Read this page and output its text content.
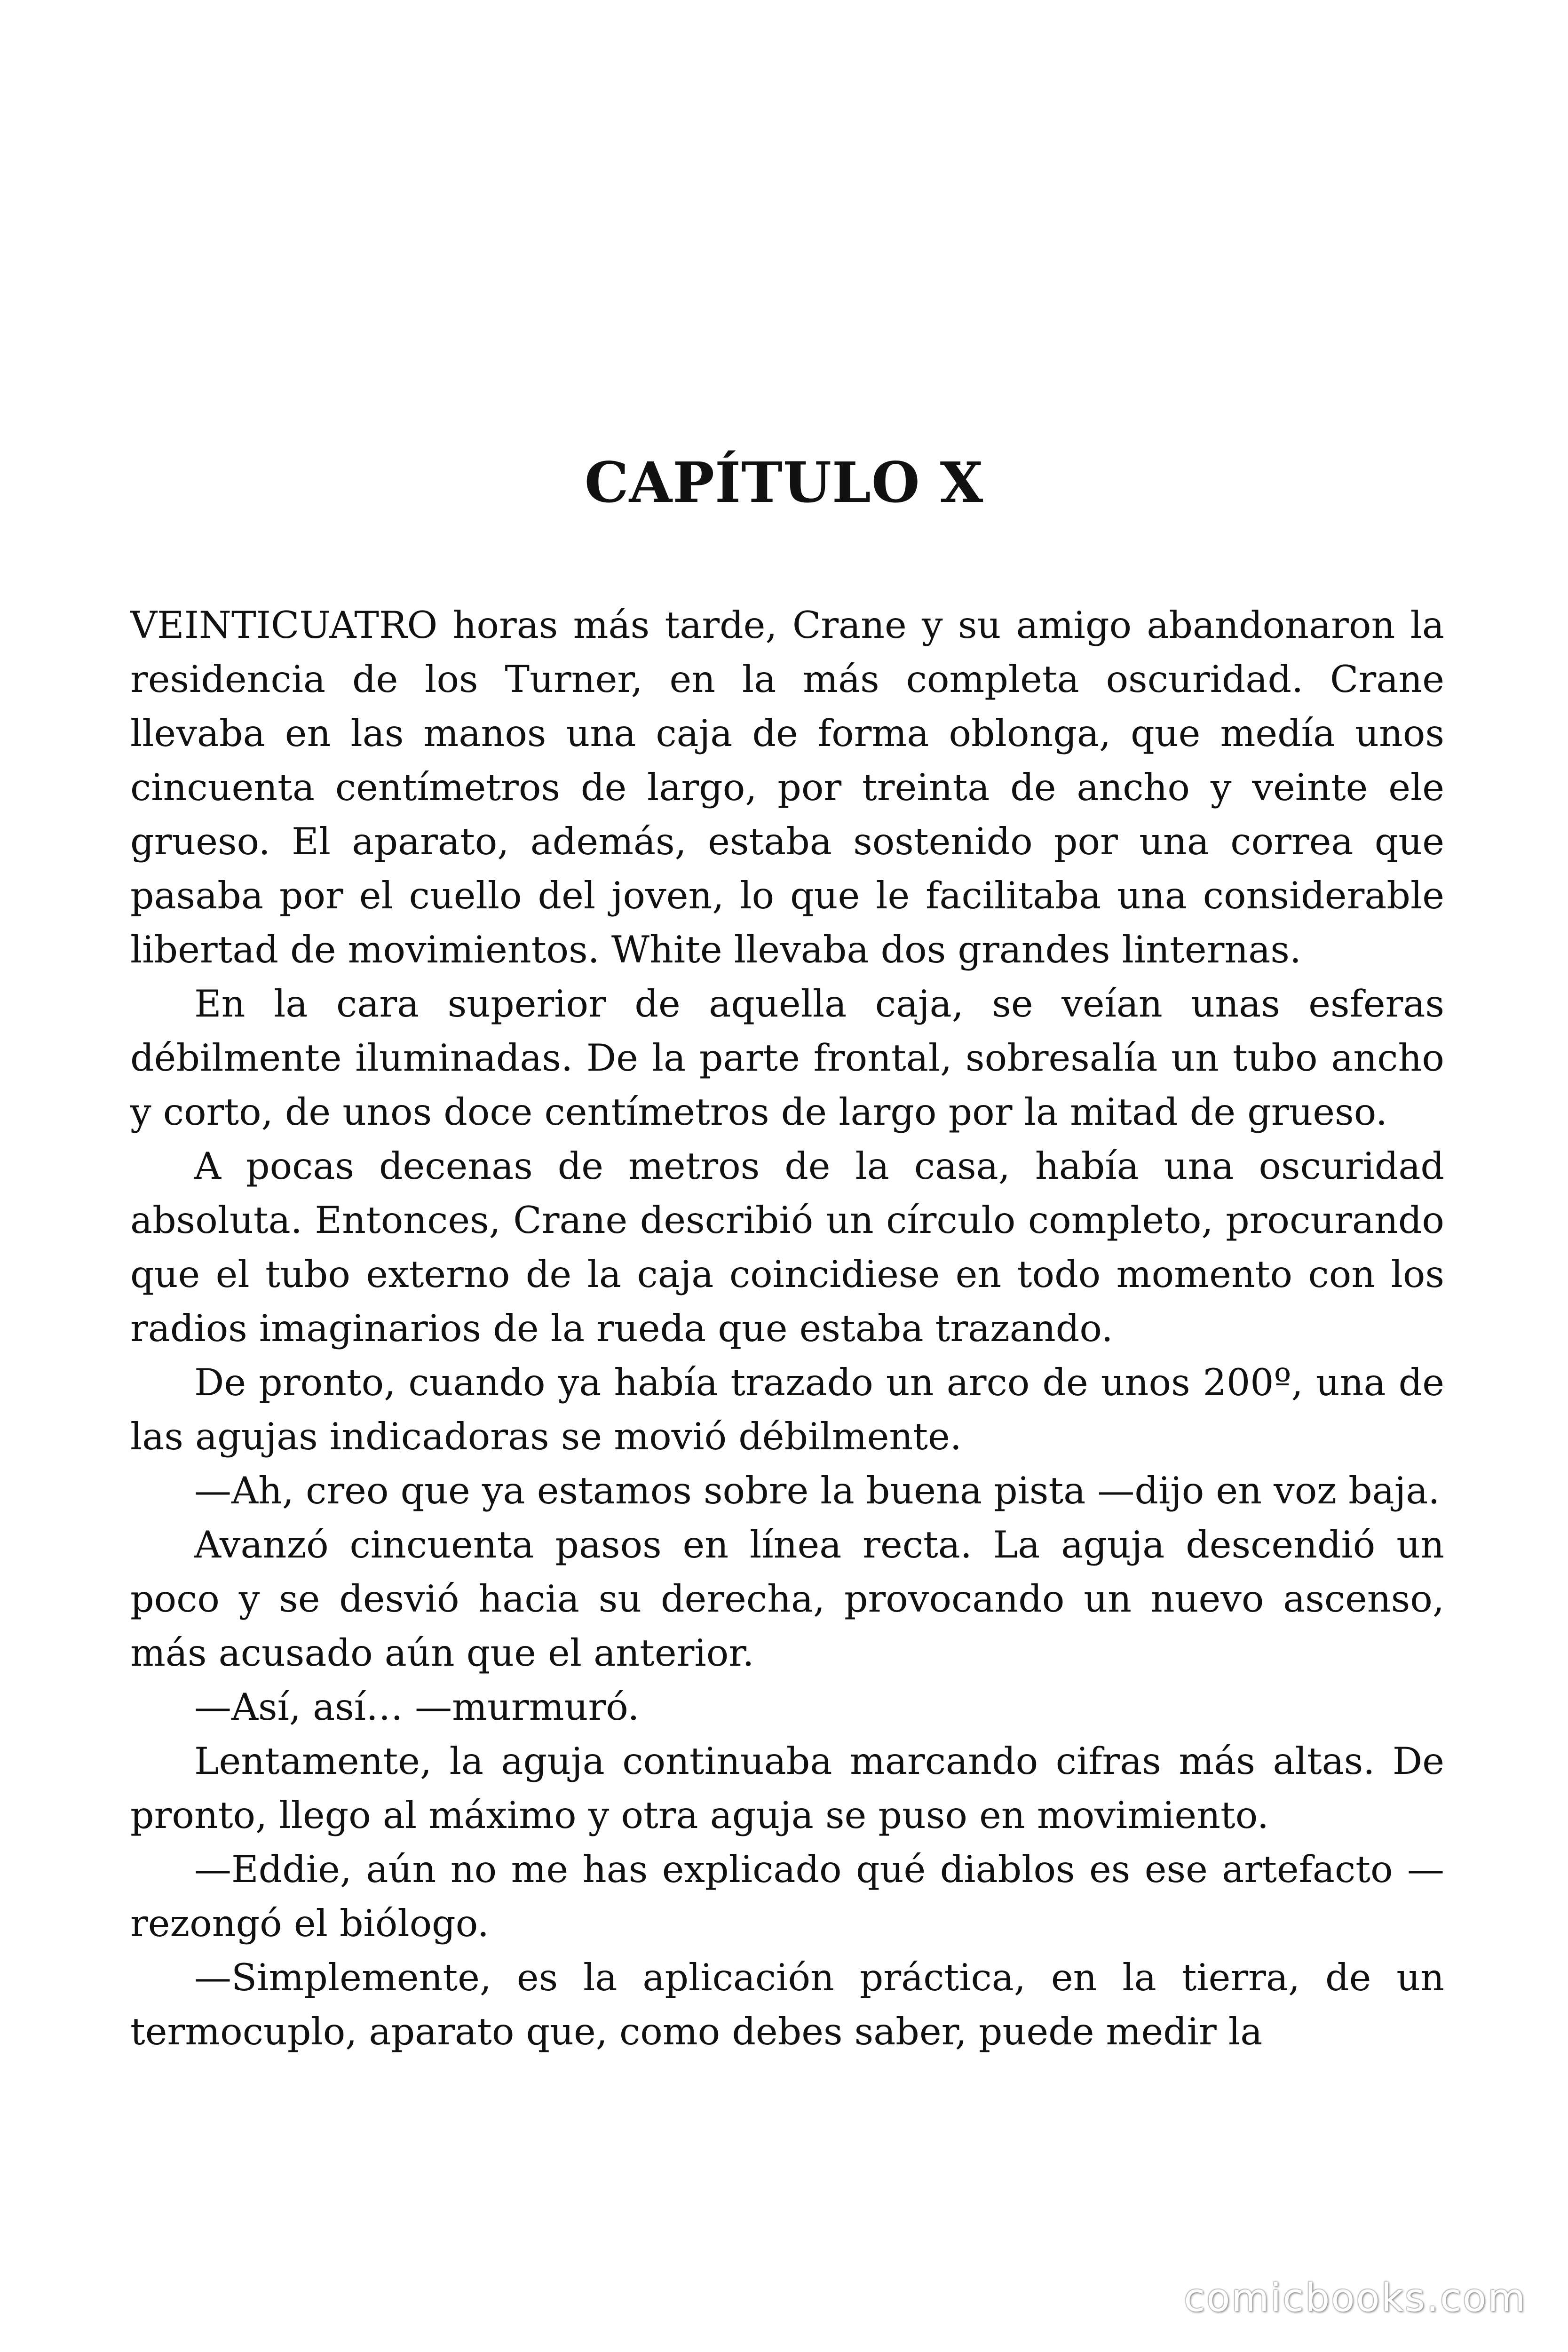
CAPÍTULO X

VEINTICUATRO horas más tarde, Crane y su amigo abandonaron la residencia de los Turner, en la más completa oscuridad. Crane llevaba en las manos una caja de forma oblonga, que medía unos cincuenta centímetros de largo, por treinta de ancho y veinte ele grueso. El aparato, además, estaba sostenido por una correa que pasaba por el cuello del joven, lo que le facilitaba una considerable libertad de movimientos. White llevaba dos grandes linternas.

En la cara superior de aquella caja, se veían unas esferas débilmente iluminadas. De la parte frontal, sobresalía un tubo ancho y corto, de unos doce centímetros de largo por la mitad de grueso.

A pocas decenas de metros de la casa, había una oscuridad absoluta. Entonces, Crane describió un círculo completo, procurando que el tubo externo de la caja coincidiese en todo momento con los radios imaginarios de la rueda que estaba trazando.

De pronto, cuando ya había trazado un arco de unos 200º, una de las agujas indicadoras se movió débilmente.

—Ah, creo que ya estamos sobre la buena pista —dijo en voz baja.

Avanzó cincuenta pasos en línea recta. La aguja descendió un poco y se desvió hacia su derecha, provocando un nuevo ascenso, más acusado aún que el anterior.

—Así, así… —murmuró.

Lentamente, la aguja continuaba marcando cifras más altas. De pronto, llego al máximo y otra aguja se puso en movimiento.

—Eddie, aún no me has explicado qué diablos es ese artefacto — rezongó el biólogo.

—Simplemente, es la aplicación práctica, en la tierra, de un termocuplo, aparato que, como debes saber, puede medir la

comicbooks.com
